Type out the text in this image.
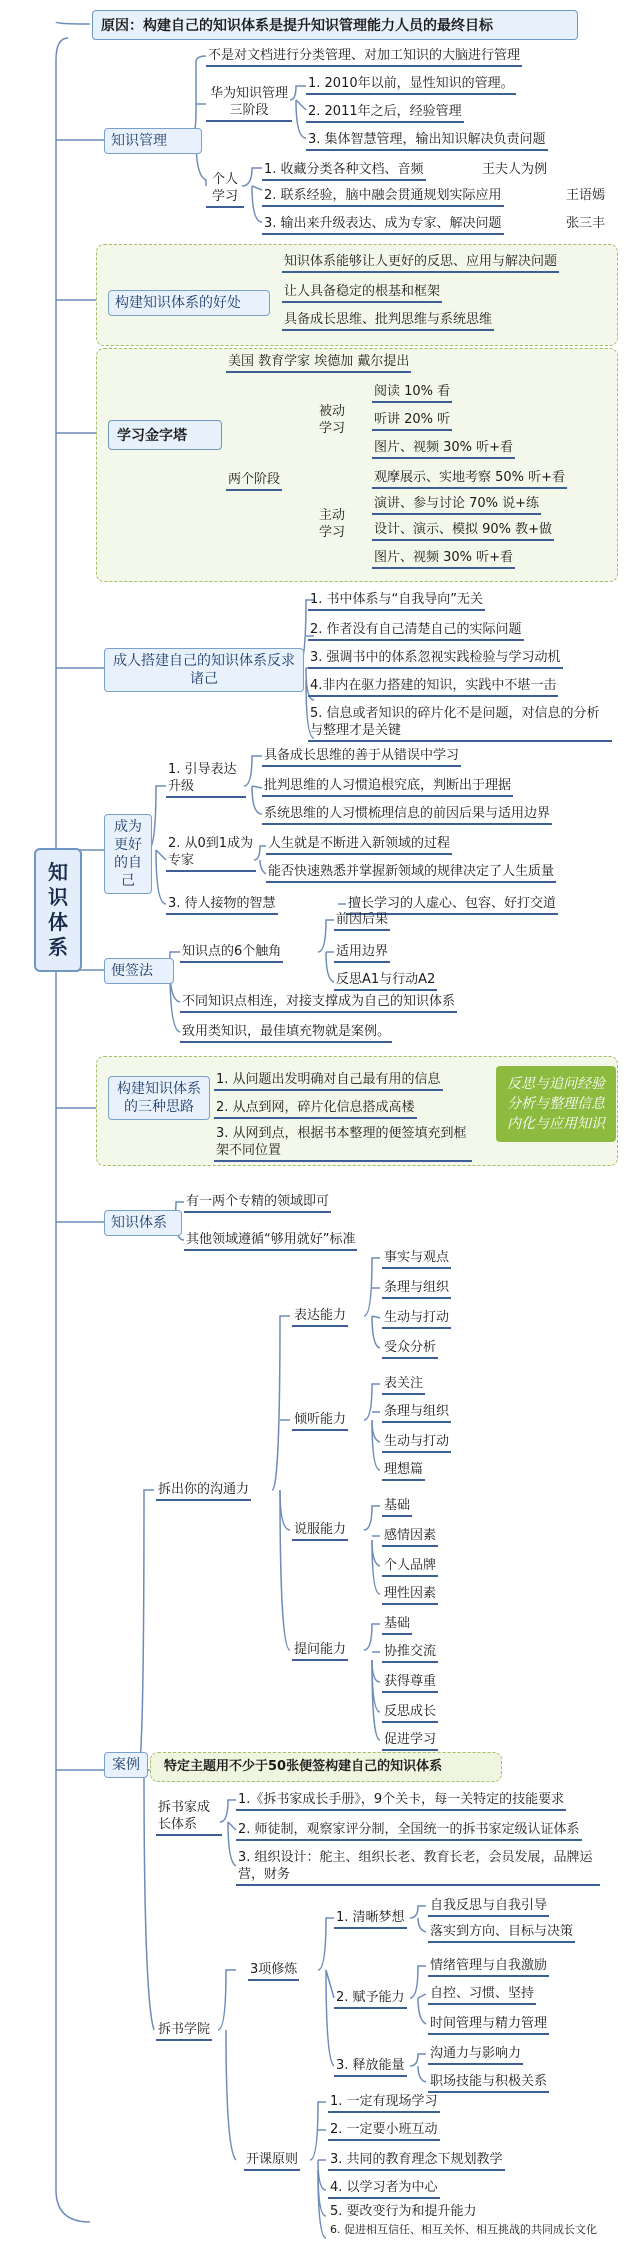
知识体系
原因：构建自己的知识体系是提升知识管理能力人员的最终目标
知识管理
不是对文档进行分类管理、对加工知识的大脑进行管理
华为知识管理三阶段
1. 2010年以前，显性知识的管理。
2. 2011年之后，经验管理
3. 集体智慧管理，输出知识解决负责问题
个人学习
1. 收藏分类各种文档、音频	王夫人为例
2. 联系经验，脑中融会贯通规划实际应用	王语嫣
3. 输出来升级表达、成为专家、解决问题	张三丰
构建知识体系的好处
知识体系能够让人更好的反思、应用与解决问题
让人具备稳定的根基和框架
具备成长思维、批判思维与系统思维
学习金字塔
美国 教育学家 埃德加 戴尔提出
两个阶段
被动学习
阅读 10% 看
听讲 20% 听
图片、视频 30% 听+看
观摩展示、实地考察 50% 听+看
主动学习
演讲、参与讨论 70% 说+练
设计、演示、模拟 90% 教+做
图片、视频 30% 听+看
成人搭建自己的知识体系反求诸己
1. 书中体系与“自我导向”无关
2. 作者没有自己清楚自己的实际问题
3. 强调书中的体系忽视实践检验与学习动机
4.非内在驱力搭建的知识，实践中不堪一击
5. 信息或者知识的碎片化不是问题，对信息的分析与整理才是关键
成为更好的自己
1. 引导表达升级
具备成长思维的善于从错误中学习
批判思维的人习惯追根究底，判断出于理据
系统思维的人习惯梳理信息的前因后果与适用边界
2. 从0到1成为专家
人生就是不断进入新领域的过程
能否快速熟悉并掌握新领域的规律决定了人生质量
3. 待人接物的智慧	擅长学习的人虚心、包容、好打交道
便签法
知识点的6个触角
前因后果
适用边界
反思A1与行动A2
不同知识点相连，对接支撑成为自己的知识体系
致用类知识，最佳填充物就是案例。
构建知识体系的三种思路
1. 从问题出发明确对自己最有用的信息
2. 从点到网，碎片化信息搭成高楼
3. 从网到点，根据书本整理的便签填充到框架不同位置
反思与追问经验分析与整理信息内化与应用知识
知识体系
有一两个专精的领域即可
其他领域遵循“够用就好”标准
案例
拆出你的沟通力
表达能力
事实与观点
条理与组织
生动与打动
受众分析
倾听能力
表关注
条理与组织
生动与打动
理想篇
说服能力
基础
感情因素
个人品牌
理性因素
提问能力
基础
协推交流
获得尊重
反思成长
促进学习
特定主题用不少于50张便签构建自己的知识体系
拆书家成长体系
1.《拆书家成长手册》，9个关卡，每一关特定的技能要求
2. 师徒制，观察家评分制，全国统一的拆书家定级认证体系
3. 组织设计：舵主、组织长老、教育长老，会员发展，品牌运营，财务
拆书学院
3项修炼
1. 清晰梦想
自我反思与自我引导
落实到方向、目标与决策
2. 赋予能力
情绪管理与自我激励
自控、习惯、坚持
时间管理与精力管理
3. 释放能量
沟通力与影响力
职场技能与积极关系
开课原则
1. 一定有现场学习
2. 一定要小班互动
3. 共同的教育理念下规划教学
4. 以学习者为中心
5. 要改变行为和提升能力
6. 促进相互信任、相互关怀、相互挑战的共同成长文化
